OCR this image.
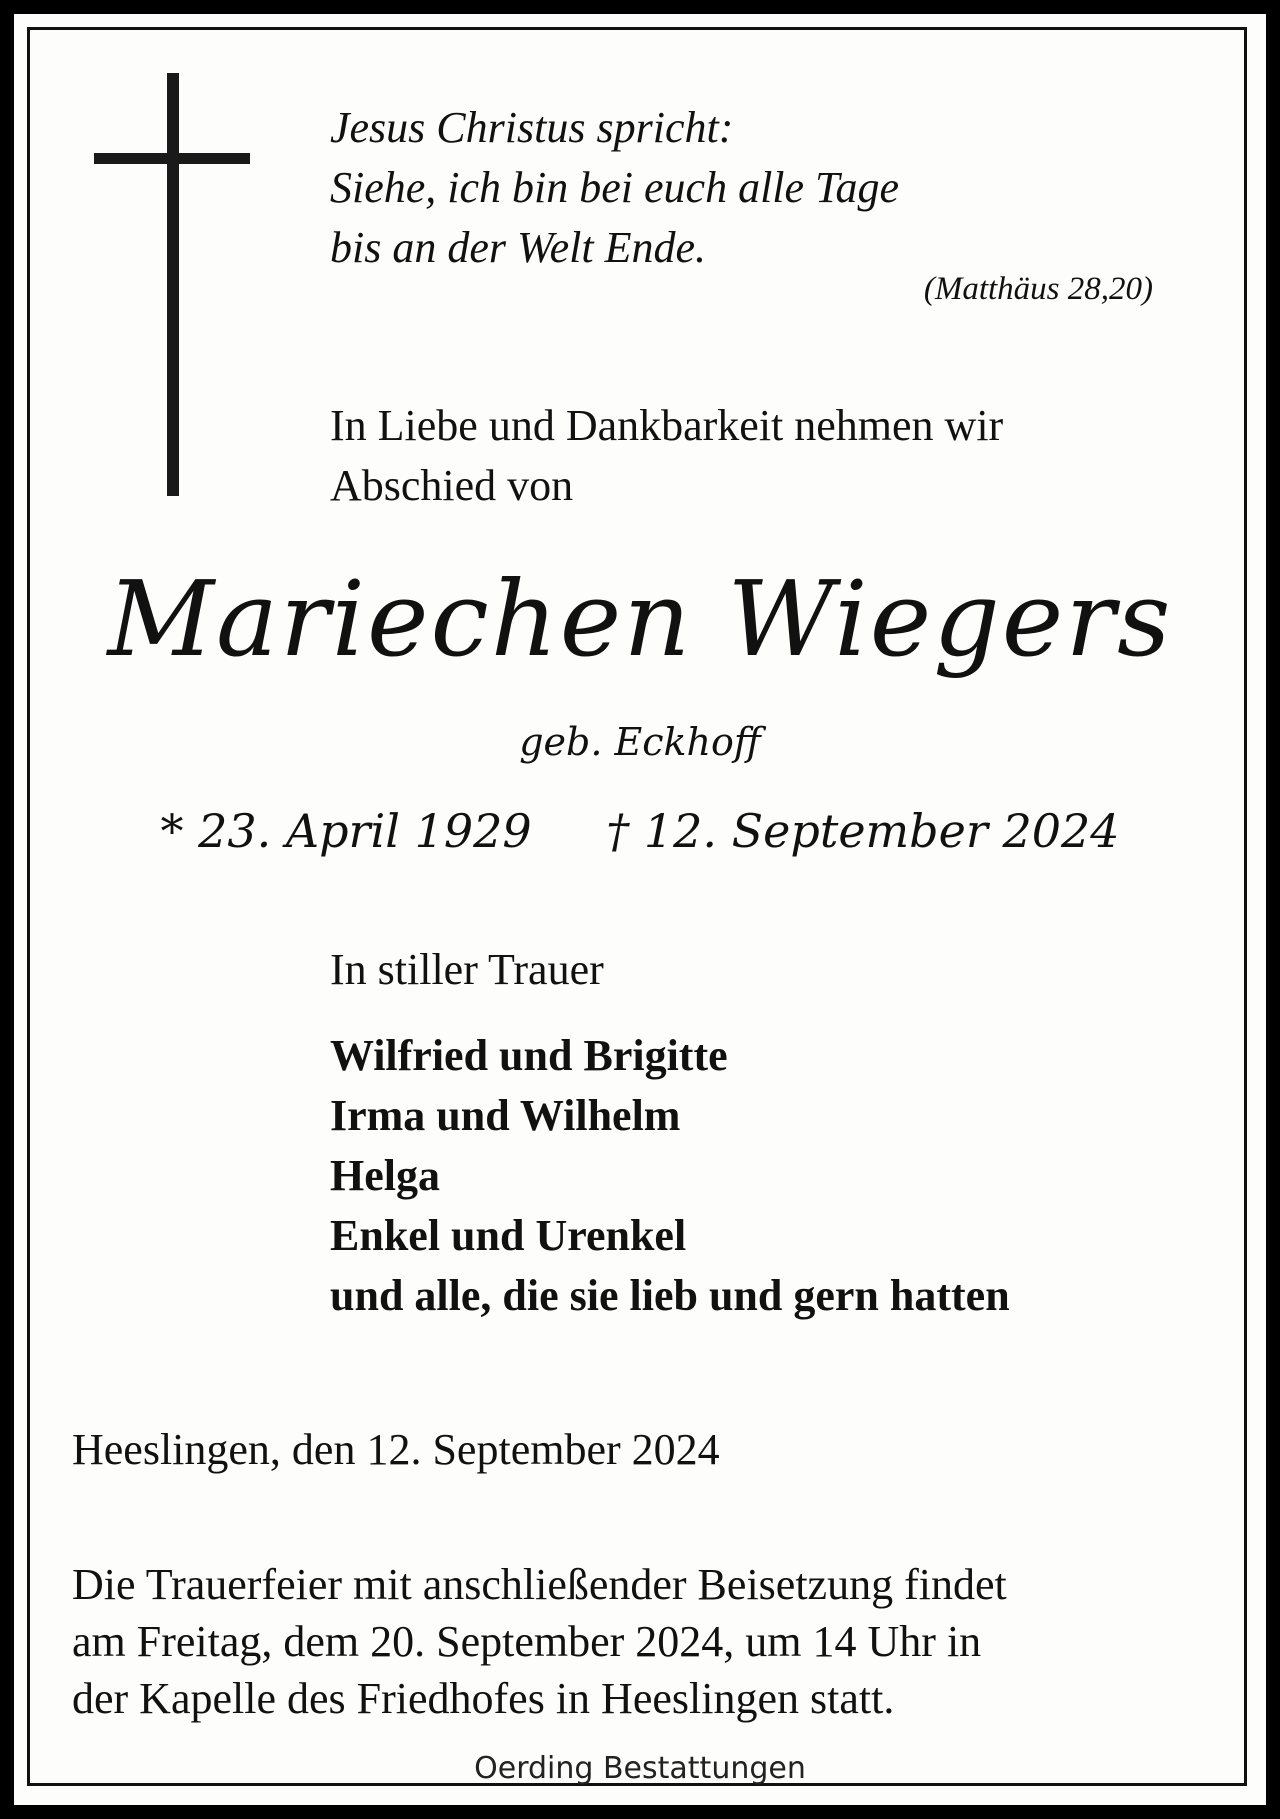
Jesus Christus spricht:
Siehe, ich bin bei euch alle Tage
bis an der Welt Ende.
(Matthäus 28,20)
In Liebe und Dankbarkeit nehmen wir
Abschied von
Mariechen Wiegers
geb. Eckhoff
* 23. April 1929 † 12. September 2024
In stiller Trauer
Wilfried und Brigitte
Irma und Wilhelm
Helga
Enkel und Urenkel
und alle, die sie lieb und gern hatten
Heeslingen, den 12. September 2024
Die Trauerfeier mit anschließender Beisetzung findet
am Freitag, dem 20. September 2024, um 14 Uhr in
der Kapelle des Friedhofes in Heeslingen statt.
Oerding Bestattungen
